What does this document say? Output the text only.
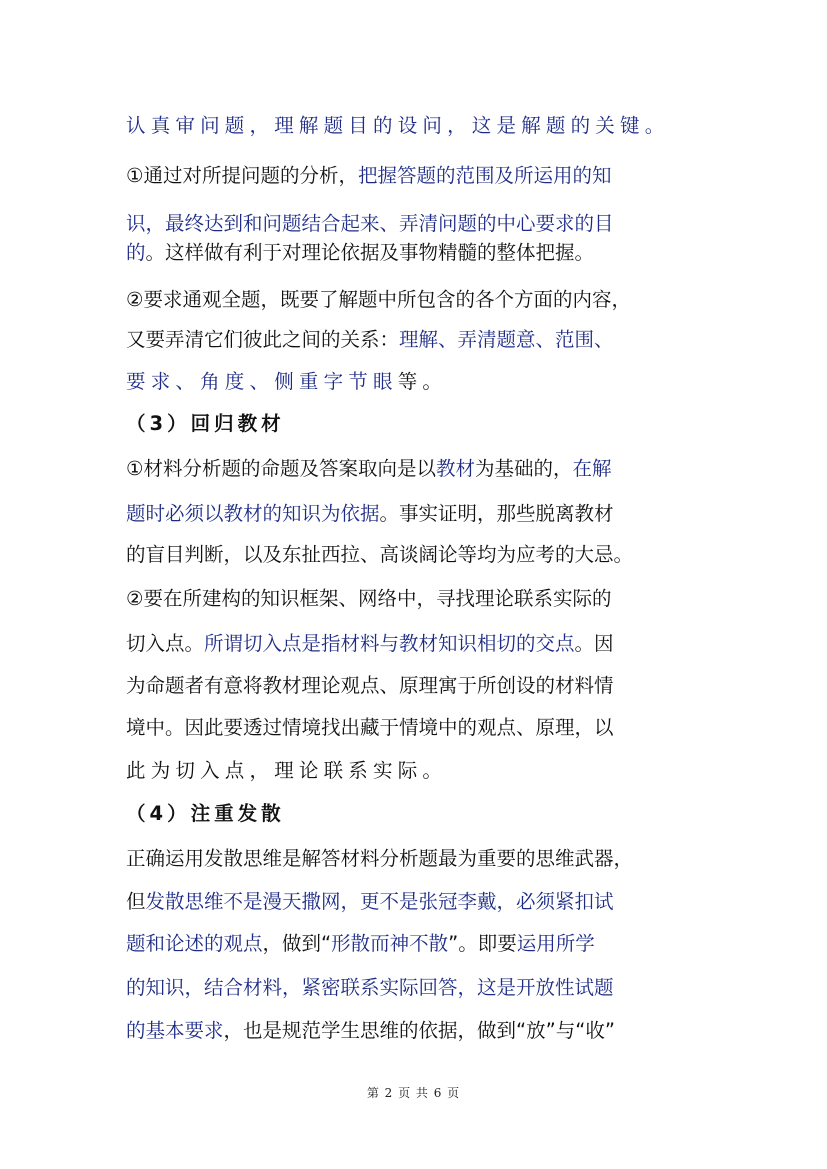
认真审问题，理解题目的设问，这是解题的关键。
①通过对所提问题的分析，把握答题的范围及所运用的知
识，最终达到和问题结合起来、弄清问题的中心要求的目
的。这样做有利于对理论依据及事物精髓的整体把握。
②要求通观全题，既要了解题中所包含的各个方面的内容，
又要弄清它们彼此之间的关系：理解、弄清题意、范围、
要求、角度、侧重字节眼等。
（3）回归教材
①材料分析题的命题及答案取向是以教材为基础的，在解
题时必须以教材的知识为依据。事实证明，那些脱离教材
的盲目判断，以及东扯西拉、高谈阔论等均为应考的大忌。
②要在所建构的知识框架、网络中，寻找理论联系实际的
切入点。所谓切入点是指材料与教材知识相切的交点。因
为命题者有意将教材理论观点、原理寓于所创设的材料情
境中。因此要透过情境找出藏于情境中的观点、原理，以
此为切入点，理论联系实际。
（4）注重发散
正确运用发散思维是解答材料分析题最为重要的思维武器，
但发散思维不是漫天撒网，更不是张冠李戴，必须紧扣试
题和论述的观点，做到“形散而神不散”。即要运用所学
的知识，结合材料，紧密联系实际回答，这是开放性试题
的基本要求，也是规范学生思维的依据，做到“放”与“收”
第 2 页 共 6 页
